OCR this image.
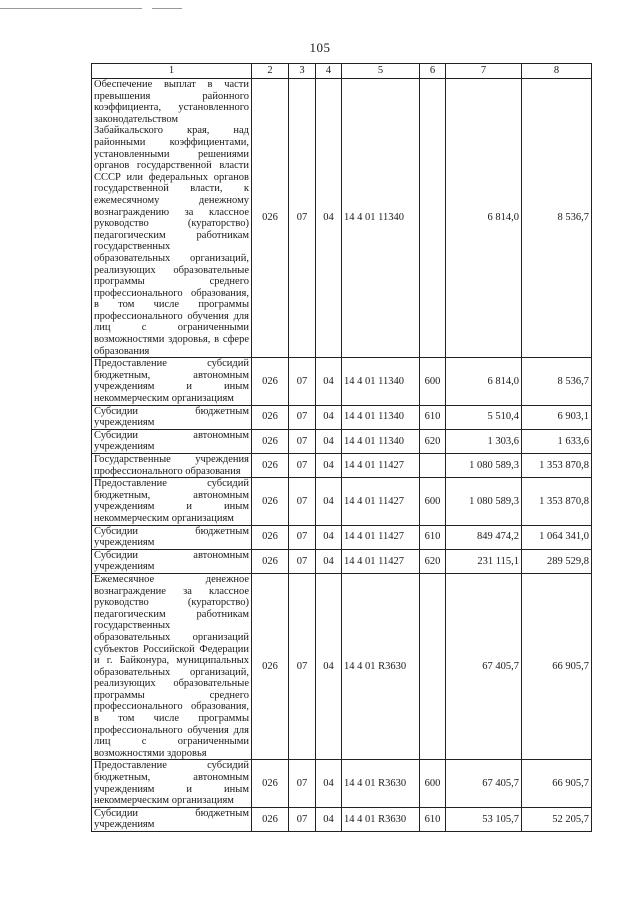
105
1	2	3	4	5	6	7	8
Обеспечение выплат в части превышения районного коэффициента, установленного законодательством Забайкальского края, над районными коэффициентами, установленными решениями органов государственной власти СССР или федеральных органов государственной власти, к ежемесячному денежному вознаграждению за классное руководство (кураторство) педагогическим работникам государственных образовательных организаций, реализующих образовательные программы среднего профессионального образования, в том числе программы профессионального обучения для лиц с ограниченными возможностями здоровья, в сфере образования	026	07	04	14 4 01 11340		6 814,0	8 536,7
Предоставление субсидий бюджетным, автономным учреждениям и иным некоммерческим организациям	026	07	04	14 4 01 11340	600	6 814,0	8 536,7
Субсидии бюджетным учреждениям	026	07	04	14 4 01 11340	610	5 510,4	6 903,1
Субсидии автономным учреждениям	026	07	04	14 4 01 11340	620	1 303,6	1 633,6
Государственные учреждения профессионального образования	026	07	04	14 4 01 11427		1 080 589,3	1 353 870,8
Предоставление субсидий бюджетным, автономным учреждениям и иным некоммерческим организациям	026	07	04	14 4 01 11427	600	1 080 589,3	1 353 870,8
Субсидии бюджетным учреждениям	026	07	04	14 4 01 11427	610	849 474,2	1 064 341,0
Субсидии автономным учреждениям	026	07	04	14 4 01 11427	620	231 115,1	289 529,8
Ежемесячное денежное вознаграждение за классное руководство (кураторство) педагогическим работникам государственных образовательных организаций субъектов Российской Федерации и г. Байконура, муниципальных образовательных организаций, реализующих образовательные программы среднего профессионального образования, в том числе программы профессионального обучения для лиц с ограниченными возможностями здоровья	026	07	04	14 4 01 R3630		67 405,7	66 905,7
Предоставление субсидий бюджетным, автономным учреждениям и иным некоммерческим организациям	026	07	04	14 4 01 R3630	600	67 405,7	66 905,7
Субсидии бюджетным учреждениям	026	07	04	14 4 01 R3630	610	53 105,7	52 205,7
